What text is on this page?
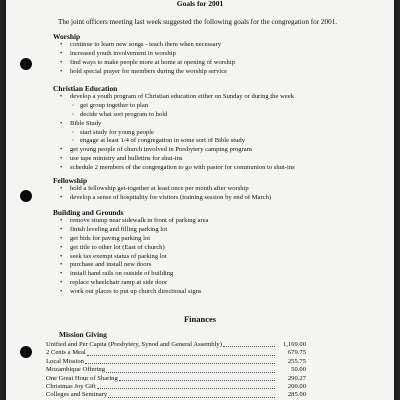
Goals for 2001
The joint officers meeting last week suggested the following goals for the congregation for 2001.
Worship
• continue to learn new songs - teach them when necessary
• increased youth involvement in worship
• find ways to make people more at home at opening of worship
• hold special prayer for members during the worship service
Christian Education
• develop a youth program of Christian education either on Sunday or during the week
◦ get group together to plan
◦ decide what sort program to hold
• Bible Study
◦ start study for young people
◦ engage at least 1/4 of congregation in some sort of Bible study
• get young people of church involved in Presbytery camping program
• use tape ministry and bulletins for shut-ins
• schedule 2 members of the congregation to go with pastor for communion to shut-ins
Fellowship
• hold a fellowship get-together at least once per month after worship
• develop a sense of hospitality for visitors (training session by end of March)
Building and Grounds
• remove stump near sidewalk in front of parking area
• finish leveling and filling parking lot
• get bids for paving parking lot
• get title to other lot (East of church)
• seek tax exempt status of parking lot
• purchase and install new doors
• install hand rails on outside of building
• replace wheelchair ramp at side door
• work out places to put up church directional signs
Finances
Mission Giving
Unified and Per Capita (Presbytery, Synod and General Assembly)	1,169.00
2 Cents a Meal	679.75
Local Mission	255.75
Mozambique Offering	50.00
One Great Hour of Sharing	290.27
Christmas Joy Gift	200.00
Colleges and Seminary	285.00
